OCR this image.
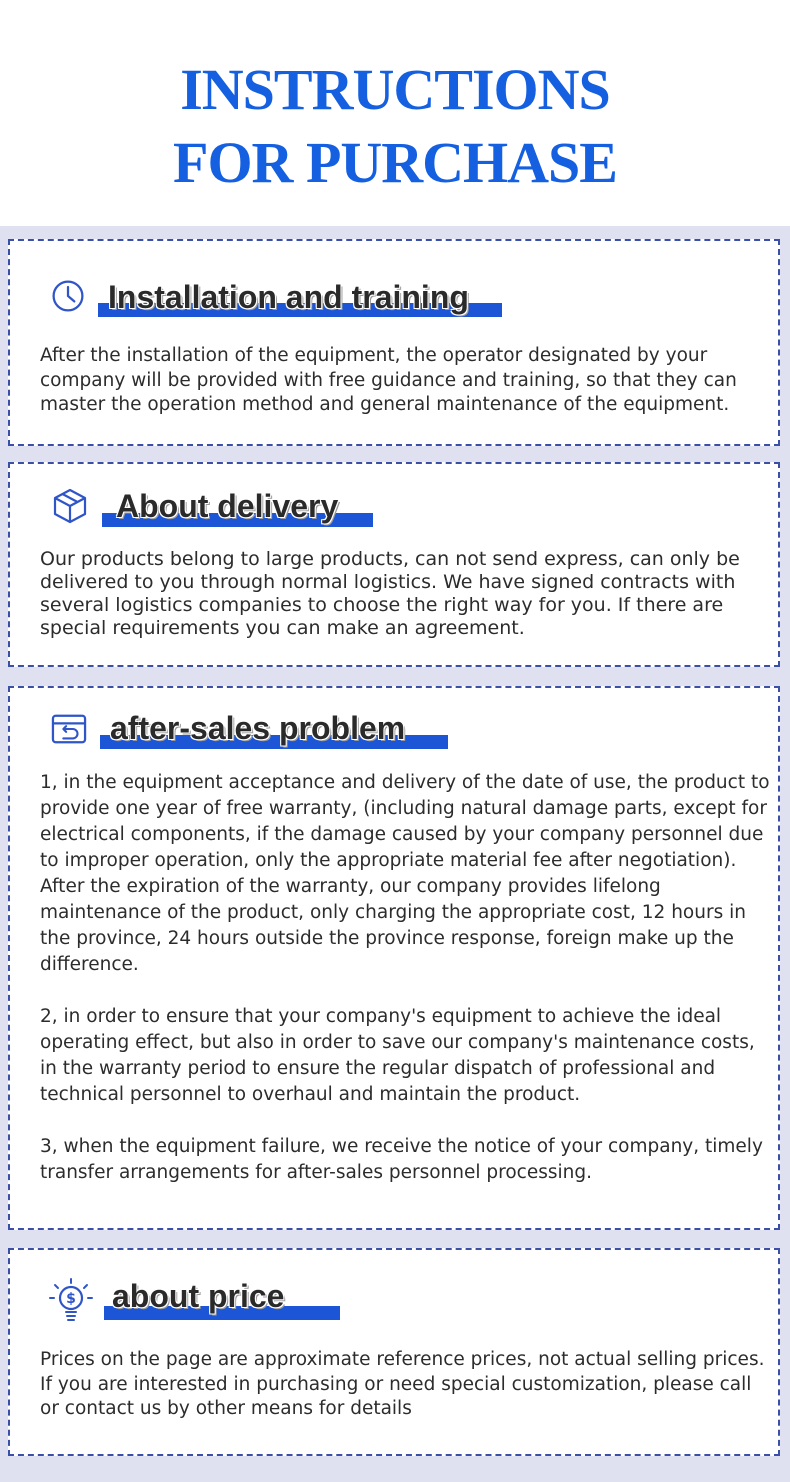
INSTRUCTIONS
FOR PURCHASE
Installation and training

After the installation of the equipment, the operator designated by your company will be provided with free guidance and training, so that they can master the operation method and general maintenance of the equipment.

About delivery

Our products belong to large products, can not send express, can only be delivered to you through normal logistics. We have signed contracts with several logistics companies to choose the right way for you. If there are special requirements you can make an agreement.

after-sales problem

1, in the equipment acceptance and delivery of the date of use, the product to provide one year of free warranty, (including natural damage parts, except for electrical components, if the damage caused by your company personnel due to improper operation, only the appropriate material fee after negotiation). After the expiration of the warranty, our company provides lifelong maintenance of the product, only charging the appropriate cost, 12 hours in the province, 24 hours outside the province response, foreign make up the difference.

2, in order to ensure that your company's equipment to achieve the ideal operating effect, but also in order to save our company's maintenance costs, in the warranty period to ensure the regular dispatch of professional and technical personnel to overhaul and maintain the product.

3, when the equipment failure, we receive the notice of your company, timely transfer arrangements for after-sales personnel processing.

$ about price

Prices on the page are approximate reference prices, not actual selling prices. If you are interested in purchasing or need special customization, please call or contact us by other means for details
